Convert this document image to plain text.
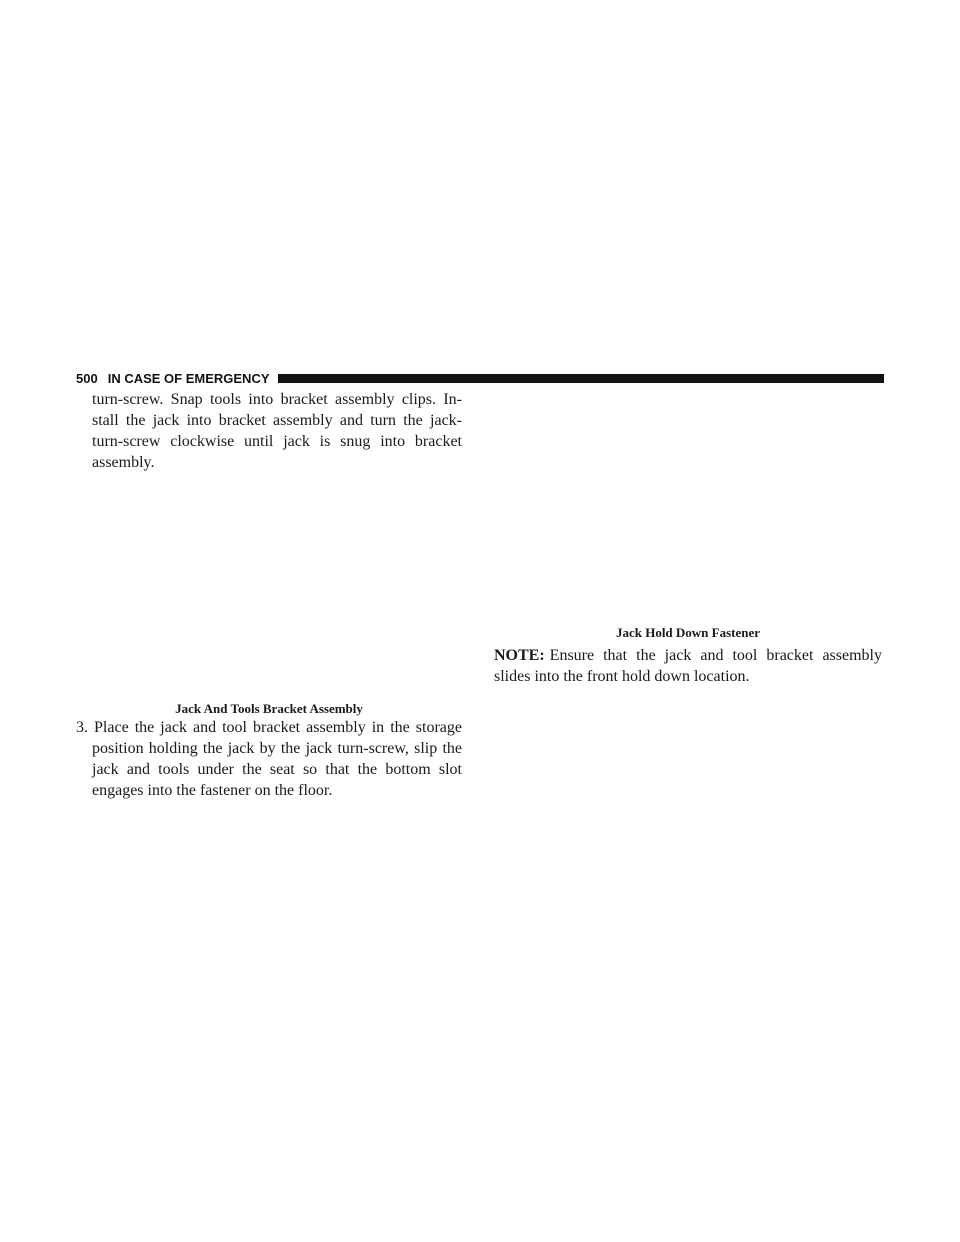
500 IN CASE OF EMERGENCY
turn-screw. Snap tools into bracket assembly clips. In-
stall the jack into bracket assembly and turn the jack-
turn-screw clockwise until jack is snug into bracket
assembly.
Jack And Tools Bracket Assembly
3. Place the jack and tool bracket assembly in the storage
position holding the jack by the jack turn-screw, slip the
jack and tools under the seat so that the bottom slot
engages into the fastener on the floor.
Jack Hold Down Fastener
NOTE: Ensure that the jack and tool bracket assembly
slides into the front hold down location.
